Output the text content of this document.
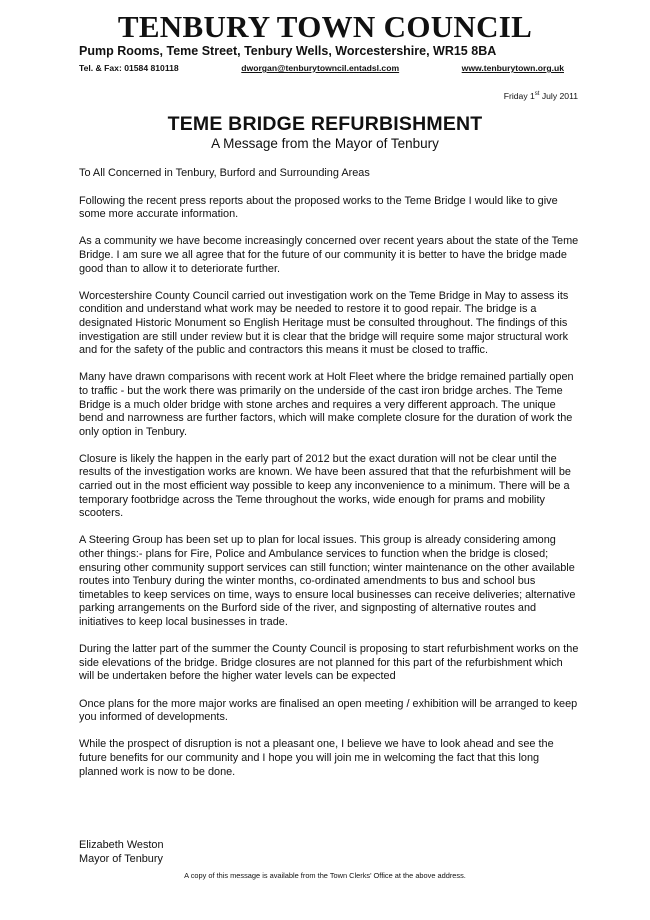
TENBURY TOWN COUNCIL
Pump Rooms, Teme Street, Tenbury Wells, Worcestershire, WR15 8BA
Tel. & Fax: 01584 810118	dworgan@tenburytowncil.entadsl.com	www.tenburytown.org.uk
Friday 1st July 2011
TEME BRIDGE REFURBISHMENT
A Message from the Mayor of Tenbury

To All Concerned in Tenbury, Burford and Surrounding Areas

Following the recent press reports about the proposed works to the Teme Bridge I would like to give some more accurate information.

As a community we have become increasingly concerned over recent years about the state of the Teme Bridge. I am sure we all agree that for the future of our community it is better to have the bridge made good than to allow it to deteriorate further.

Worcestershire County Council carried out investigation work on the Teme Bridge in May to assess its condition and understand what work may be needed to restore it to good repair. The bridge is a designated Historic Monument so English Heritage must be consulted throughout. The findings of this investigation are still under review but it is clear that the bridge will require some major structural work and for the safety of the public and contractors this means it must be closed to traffic.

Many have drawn comparisons with recent work at Holt Fleet where the bridge remained partially open to traffic - but the work there was primarily on the underside of the cast iron bridge arches. The Teme Bridge is a much older bridge with stone arches and requires a very different approach. The unique bend and narrowness are further factors, which will make complete closure for the duration of work the only option in Tenbury.

Closure is likely the happen in the early part of 2012 but the exact duration will not be clear until the results of the investigation works are known. We have been assured that that the refurbishment will be carried out in the most efficient way possible to keep any inconvenience to a minimum. There will be a temporary footbridge across the Teme throughout the works, wide enough for prams and mobility scooters.

A Steering Group has been set up to plan for local issues. This group is already considering among other things:- plans for Fire, Police and Ambulance services to function when the bridge is closed; ensuring other community support services can still function; winter maintenance on the other available routes into Tenbury during the winter months, co-ordinated amendments to bus and school bus timetables to keep services on time, ways to ensure local businesses can receive deliveries; alternative parking arrangements on the Burford side of the river, and signposting of alternative routes and initiatives to keep local businesses in trade.

During the latter part of the summer the County Council is proposing to start refurbishment works on the side elevations of the bridge. Bridge closures are not planned for this part of the refurbishment which will be undertaken before the higher water levels can be expected

Once plans for the more major works are finalised an open meeting / exhibition will be arranged to keep you informed of developments.

While the prospect of disruption is not a pleasant one, I believe we have to look ahead and see the future benefits for our community and I hope you will join me in welcoming the fact that this long planned work is now to be done.

Elizabeth Weston
Mayor of Tenbury
A copy of this message is available from the Town Clerks' Office at the above address.
